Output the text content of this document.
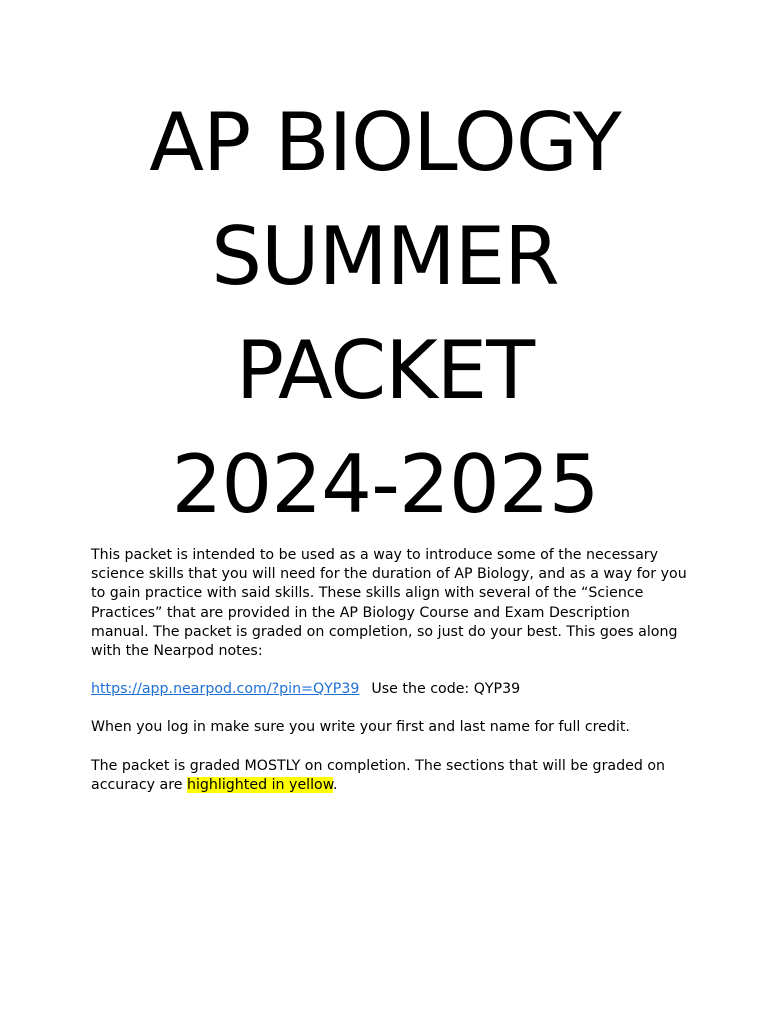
AP BIOLOGY
SUMMER
PACKET
2024-2025

This packet is intended to be used as a way to introduce some of the necessary science skills that you will need for the duration of AP Biology, and as a way for you to gain practice with said skills. These skills align with several of the “Science Practices” that are provided in the AP Biology Course and Exam Description manual. The packet is graded on completion, so just do your best. This goes along with the Nearpod notes:

https://app.nearpod.com/?pin=QYP39 Use the code: QYP39

When you log in make sure you write your first and last name for full credit.

The packet is graded MOSTLY on completion. The sections that will be graded on accuracy are highlighted in yellow.
